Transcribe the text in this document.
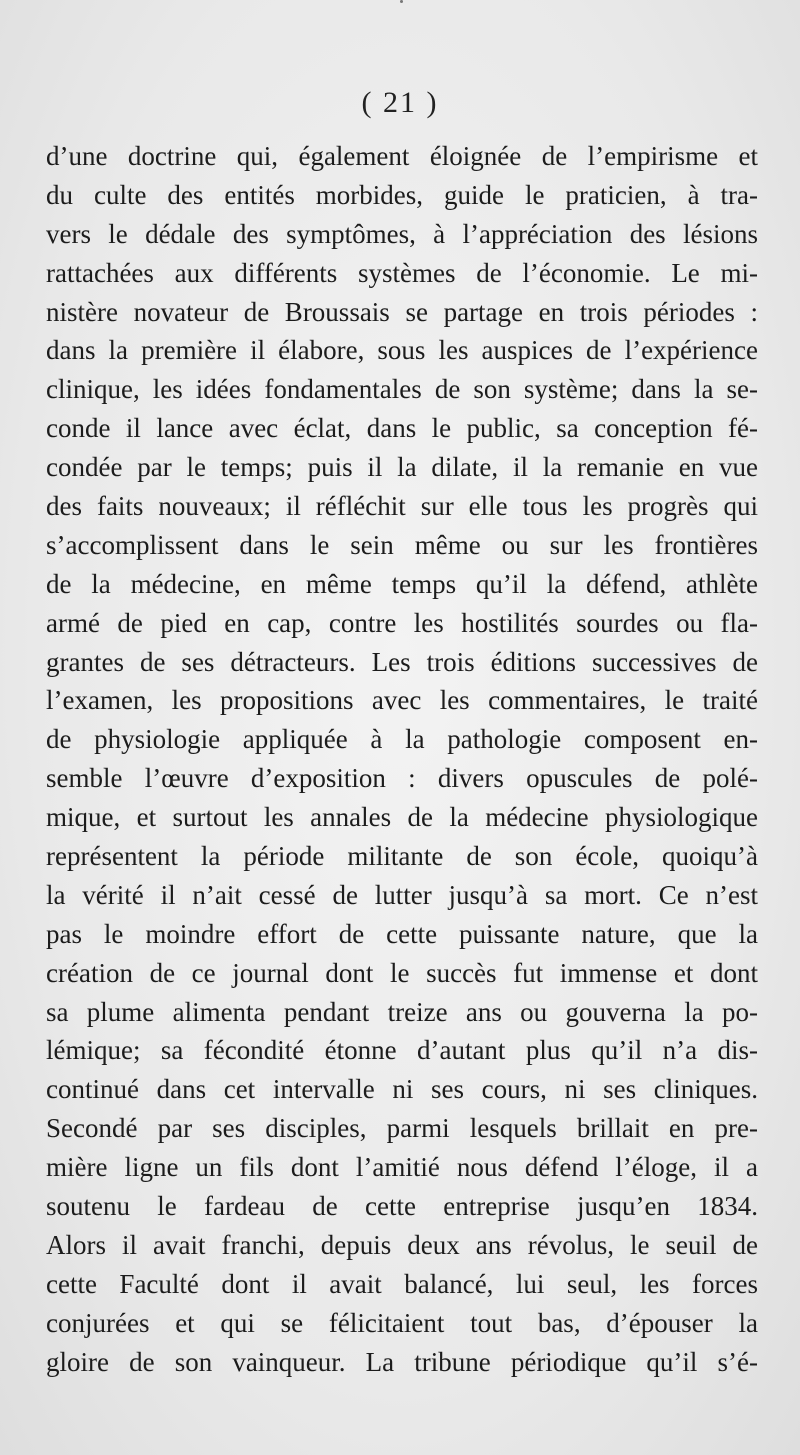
( 21 )
d’une doctrine qui, également éloignée de l’empirisme et
du culte des entités morbides, guide le praticien, à tra-
vers le dédale des symptômes, à l’appréciation des lésions
rattachées aux différents systèmes de l’économie. Le mi-
nistère novateur de Broussais se partage en trois périodes :
dans la première il élabore, sous les auspices de l’expérience
clinique, les idées fondamentales de son système; dans la se-
conde il lance avec éclat, dans le public, sa conception fé-
condée par le temps; puis il la dilate, il la remanie en vue
des faits nouveaux; il réfléchit sur elle tous les progrès qui
s’accomplissent dans le sein même ou sur les frontières
de la médecine, en même temps qu’il la défend, athlète
armé de pied en cap, contre les hostilités sourdes ou fla-
grantes de ses détracteurs. Les trois éditions successives de
l’examen, les propositions avec les commentaires, le traité
de physiologie appliquée à la pathologie composent en-
semble l’œuvre d’exposition : divers opuscules de polé-
mique, et surtout les annales de la médecine physiologique
représentent la période militante de son école, quoiqu’à
la vérité il n’ait cessé de lutter jusqu’à sa mort. Ce n’est
pas le moindre effort de cette puissante nature, que la
création de ce journal dont le succès fut immense et dont
sa plume alimenta pendant treize ans ou gouverna la po-
lémique; sa fécondité étonne d’autant plus qu’il n’a dis-
continué dans cet intervalle ni ses cours, ni ses cliniques.
Secondé par ses disciples, parmi lesquels brillait en pre-
mière ligne un fils dont l’amitié nous défend l’éloge, il a
soutenu le fardeau de cette entreprise jusqu’en 1834.
Alors il avait franchi, depuis deux ans révolus, le seuil de
cette Faculté dont il avait balancé, lui seul, les forces
conjurées et qui se félicitaient tout bas, d’épouser la
gloire de son vainqueur. La tribune périodique qu’il s’é-
